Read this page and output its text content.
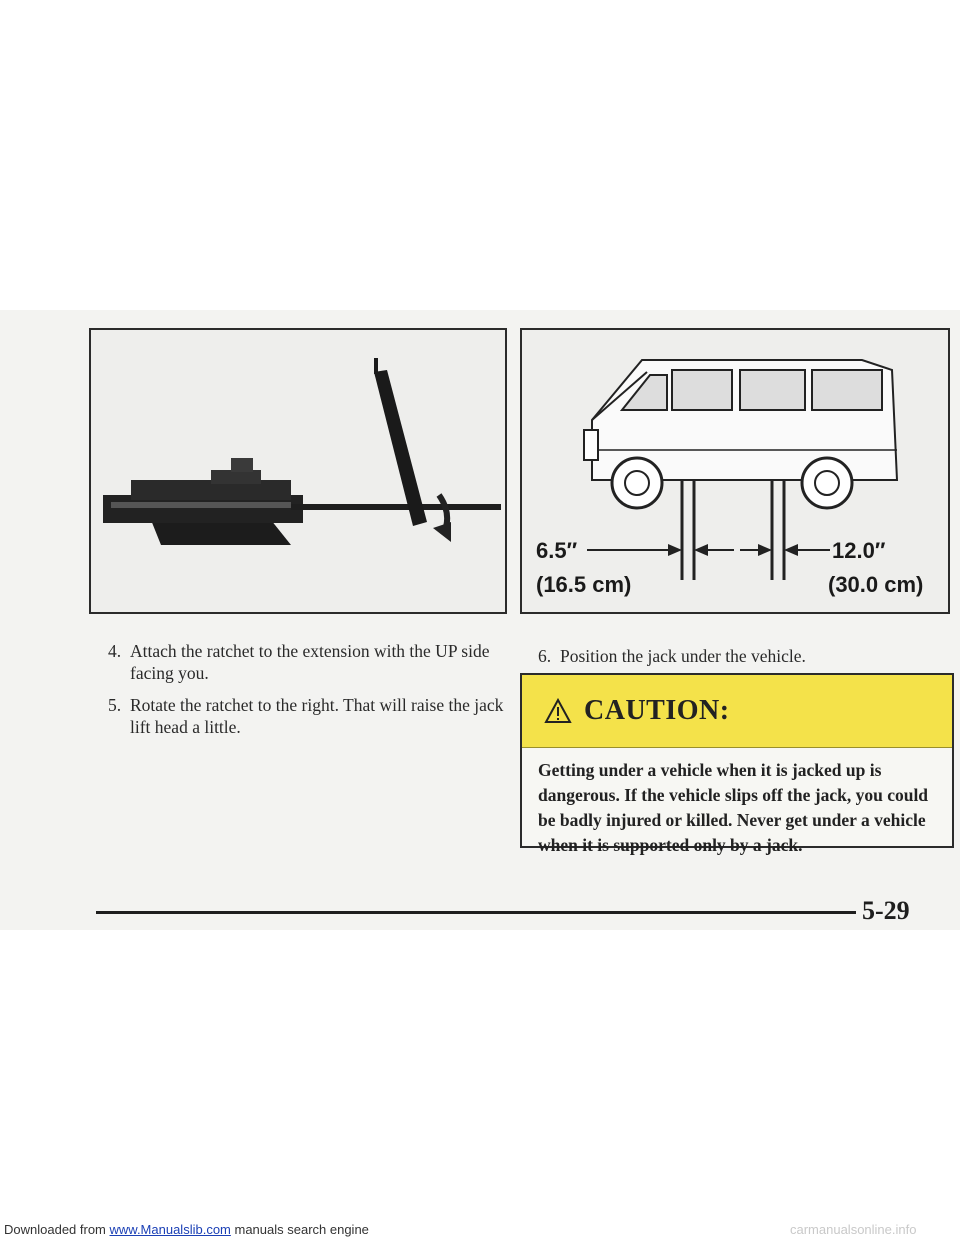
6.5″
(16.5 cm)
12.0″
(30.0 cm)
4. Attach the ratchet to the extension with the UP side facing you.
5. Rotate the ratchet to the right. That will raise the jack lift head a little.
6. Position the jack under the vehicle.
CAUTION:
Getting under a vehicle when it is jacked up is dangerous. If the vehicle slips off the jack, you could be badly injured or killed. Never get under a vehicle when it is supported only by a jack.
5-29
Downloaded from www.Manualslib.com manuals search engine	carmanualsonline.info
